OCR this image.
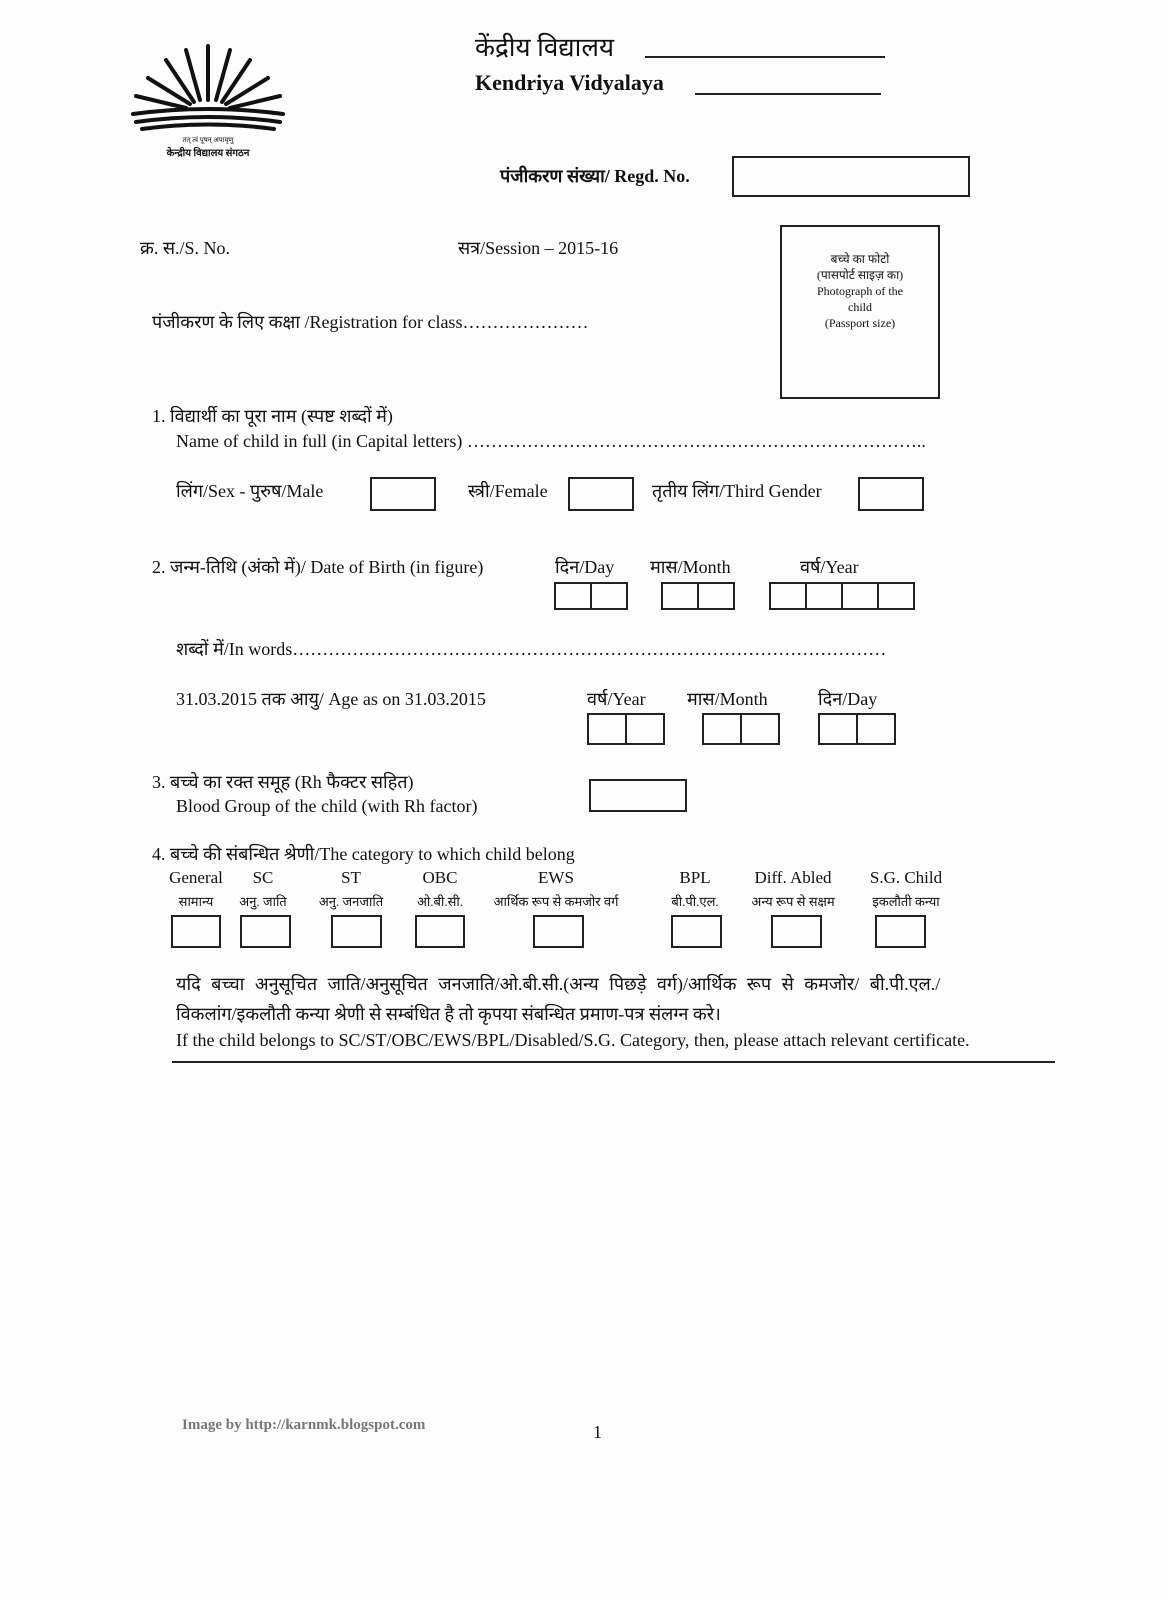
तत् त्वं पूषन् अपावृणु
केन्द्रीय विद्यालय संगठन
केंद्रीय विद्यालय
Kendriya Vidyalaya
पंजीकरण संख्या/ Regd. No.
क्र. स./S. No.	सत्र/Session – 2015-16
पंजीकरण के लिए कक्षा /Registration for class…………………
बच्चे का फोटो
(पासपोर्ट साइज़ का)
Photograph of the
child
(Passport size)
1. विद्यार्थी का पूरा नाम (स्पष्ट शब्दों में)
Name of child in full (in Capital letters) …………………………………………………………………..
लिंग/Sex - पुरुष/Male	स्त्री/Female	तृतीय लिंग/Third Gender
2. जन्म-तिथि (अंको में)/ Date of Birth (in figure)	दिन/Day मास/Month	वर्ष/Year
शब्दों में/In words………………………………………………………………………………………
31.03.2015 तक आयु/ Age as on 31.03.2015	वर्ष/Year मास/Month	दिन/Day
3. बच्चे का रक्त समूह (Rh फैक्टर सहित)
Blood Group of the child (with Rh factor)
4. बच्चे की संबन्धित श्रेणी/The category to which child belong
General
सामान्य
SC
अनु. जाति
ST
अनु. जनजाति
OBC
ओ.बी.सी.
EWS
आर्थिक रूप से कमजोर वर्ग
BPL
बी.पी.एल.
Diff. Abled
अन्य रूप से सक्षम
S.G. Child
इकलौती कन्या
यदि बच्चा अनुसूचित जाति/अनुसूचित जनजाति/ओ.बी.सी.(अन्य पिछड़े वर्ग)/आर्थिक रूप से कमजोर/ बी.पी.एल./
विकलांग/इकलौती कन्या श्रेणी से सम्बंधित है तो कृपया संबन्धित प्रमाण-पत्र संलग्न करे।
If the child belongs to SC/ST/OBC/EWS/BPL/Disabled/S.G. Category, then, please attach relevant certificate.
Image by http://karnmk.blogspot.com	1
